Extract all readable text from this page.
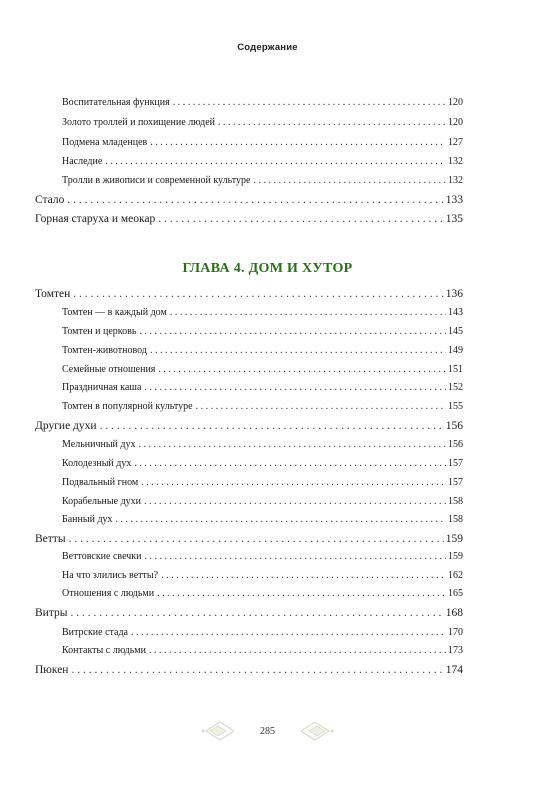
Содержание
Воспитательная функция . . .	120
Золото троллей и похищение людей . . .	120
Подмена младенцев . . .	127
Наследие . . .	132
Тролли в живописи и современной культуре . . .	132
Стало . . .	133
Горная старуха и меокар . . .	135
ГЛАВА 4. ДОМ И ХУТОР
Томтен . . .	136
Томтен — в каждый дом . . .	143
Томтен и церковь . . .	145
Томтен-животновод . . .	149
Семейные отношения . . .	151
Праздничная каша . . .	152
Томтен в популярной культуре . . .	155
Другие духи . . .	156
Мельничный дух . . .	156
Колодезный дух . . .	157
Подвальный гном . . .	157
Корабельные духи . . .	158
Банный дух . . .	158
Ветты . . .	159
Веттовские свечки . . .	159
На что злились ветты? . . .	162
Отношения с людьми . . .	165
Витры . . .	168
Витрские стада . . .	170
Контакты с людьми . . .	173
Пюкен . . .	174
285
